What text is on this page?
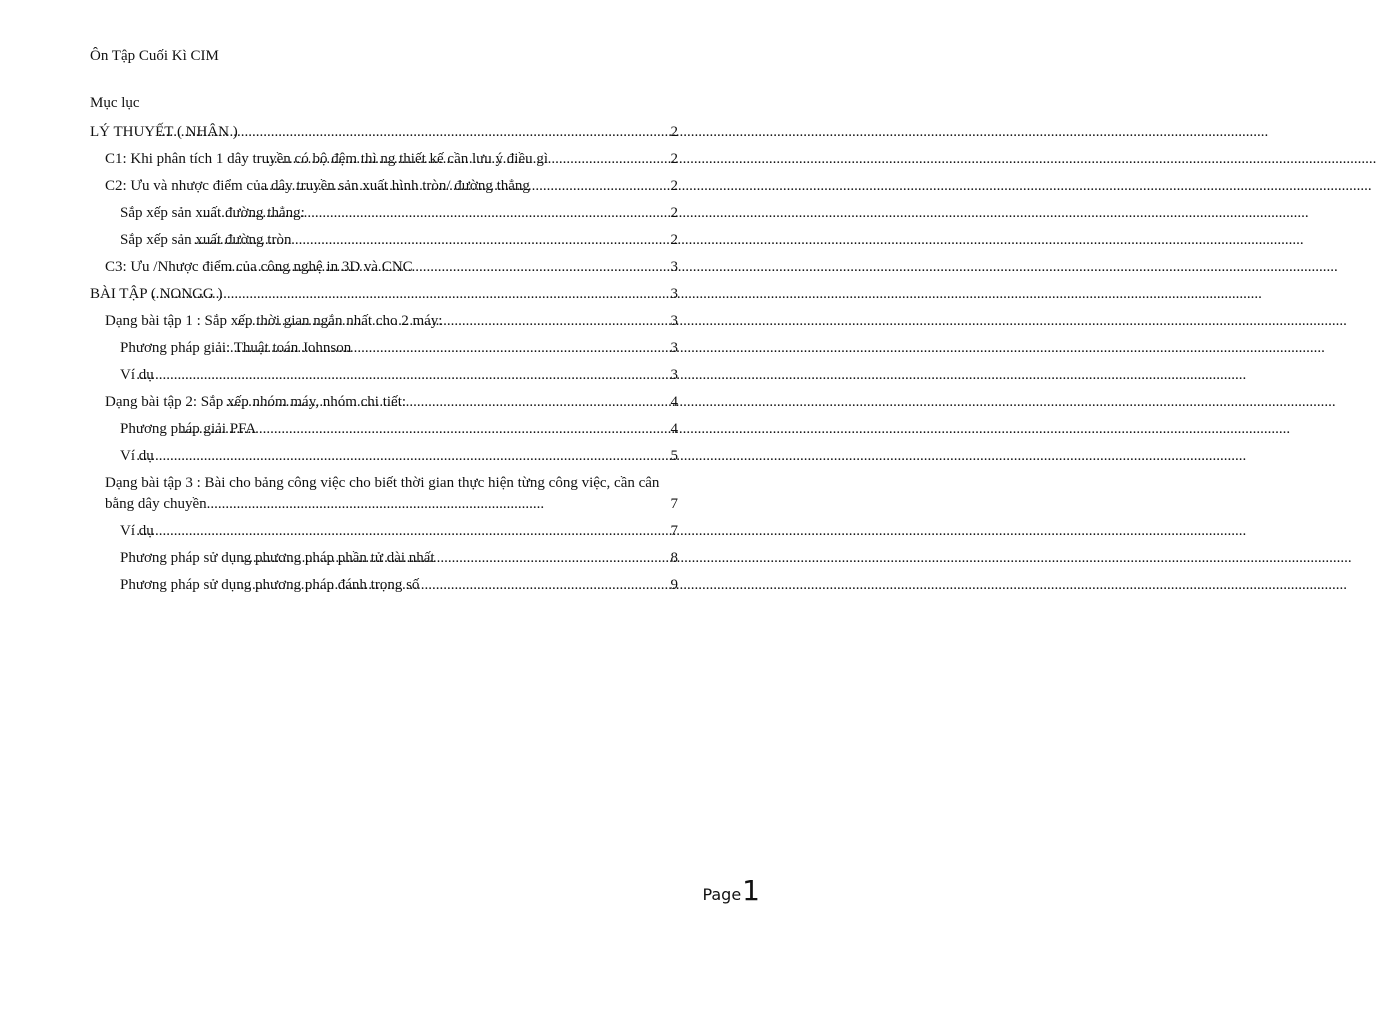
Ôn Tập Cuối Kì CIM
Mục lục
LÝ THUYẾT ( NHÂN ) .....	2
C1: Khi phân tích 1 dây truyền có bộ đệm thì ng thiết kế cần lưu ý điều gì .....	2
C2: Ưu và nhược điểm của dây truyền sản xuất hình tròn/ đường thẳng .....	2
Sắp xếp sản xuất đường thẳng: .....	2
Sắp xếp sản xuất đường tròn .....	2
C3: Ưu /Nhược điểm của công nghệ in 3D và CNC .....	3
BÀI TẬP ( NONGG ) .....	3
Dạng bài tập 1 : Sắp xếp thời gian ngắn nhất cho 2 máy: .....	3
Phương pháp giải: Thuật toán Johnson .....	3
Ví dụ .....	3
Dạng bài tập 2: Sắp xếp nhóm máy, nhóm chi tiết: .....	4
Phương pháp giải PFA .....	4
Ví dụ .....	5
Dạng bài tập 3 : Bài cho bảng công việc cho biết thời gian thực hiện từng công việc, cần cân bằng dây chuyền..........................................................................................	7
Ví dụ .....	7
Phương pháp sử dụng phương pháp phần tử dài nhất .....	8
Phương pháp sử dụng phương pháp đánh trọng số .....	9
Page 1
